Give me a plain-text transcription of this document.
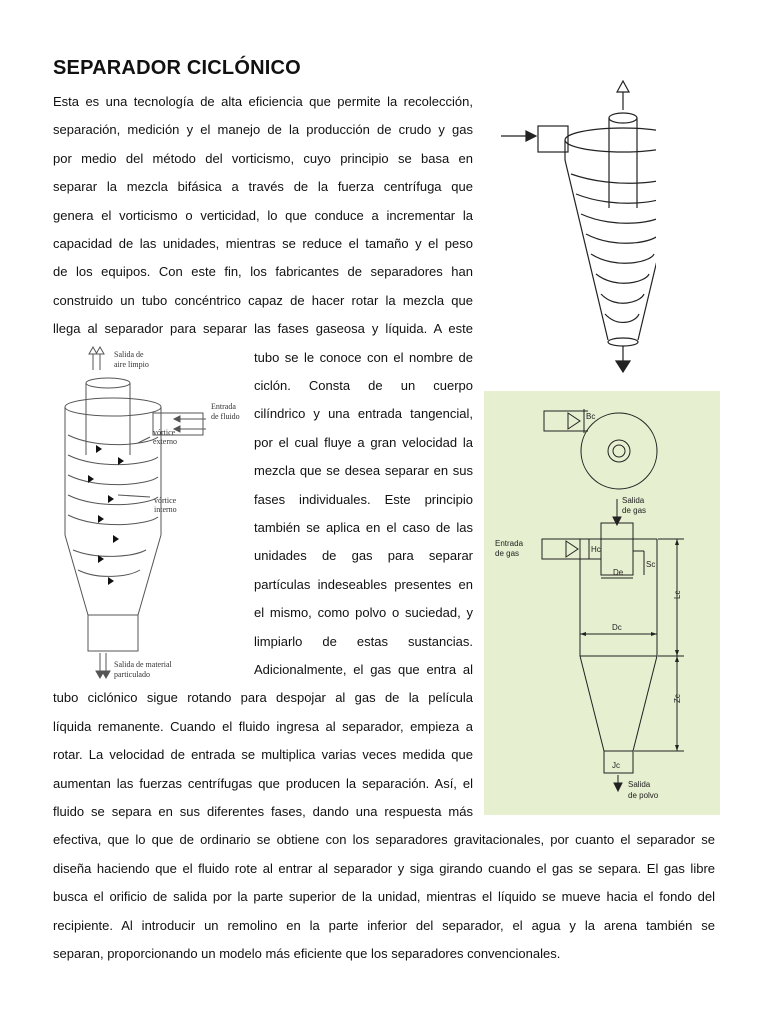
SEPARADOR CICLÓNICO
Esta es una tecnología de alta eficiencia que permite la recolección,
separación, medición y el manejo de la producción de crudo y gas
por medio del método del vorticismo, cuyo principio se basa en
separar la mezcla bifásica a través de la fuerza centrífuga que
genera el vorticismo o verticidad, lo que conduce a incrementar la
capacidad de las unidades, mientras se reduce el tamaño y el peso
de los equipos. Con este fin, los fabricantes de separadores han
construido un tubo concéntrico capaz de hacer rotar la mezcla que
llega al separador para separar las fases gaseosa y líquida. A este
tubo se le conoce con el nombre de
ciclón. Consta de un cuerpo
cilíndrico y una entrada tangencial,
por el cual fluye a gran velocidad la
mezcla que se desea separar en sus
fases individuales. Este principio
también se aplica en el caso de las
unidades de gas para separar
partículas indeseables presentes en
el mismo, como polvo o suciedad, y
limpiarlo de estas sustancias.
Adicionalmente, el gas que entra al
tubo ciclónico sigue rotando para despojar al gas de la película
líquida remanente. Cuando el fluido ingresa al separador, empieza a
rotar. La velocidad de entrada se multiplica varias veces medida que
aumentan las fuerzas centrífugas que producen la separación. Así, el
fluido se separa en sus diferentes fases, dando una respuesta más
efectiva, que lo que de ordinario se obtiene con los separadores gravitacionales, por cuanto el separador se
diseña haciendo que el fluido rote al entrar al separador y siga girando cuando el gas se separa. El gas libre
busca el orificio de salida por la parte superior de la unidad, mientras el líquido se mueve hacia el fondo del
recipiente. Al introducir un remolino en la parte inferior del separador, el agua y la arena también se
separan, proporcionando un modelo más eficiente que los separadores convencionales.
Salida de
aire limpio
Entrada
de fluido
vórtice
externo
vórtice
interno
Salida de material
particulado
Bc
Salida
de gas
Entrada
de gas	Hc
Sc
De
Dc
Lc
Zc
Jc
Salida
de polvo
